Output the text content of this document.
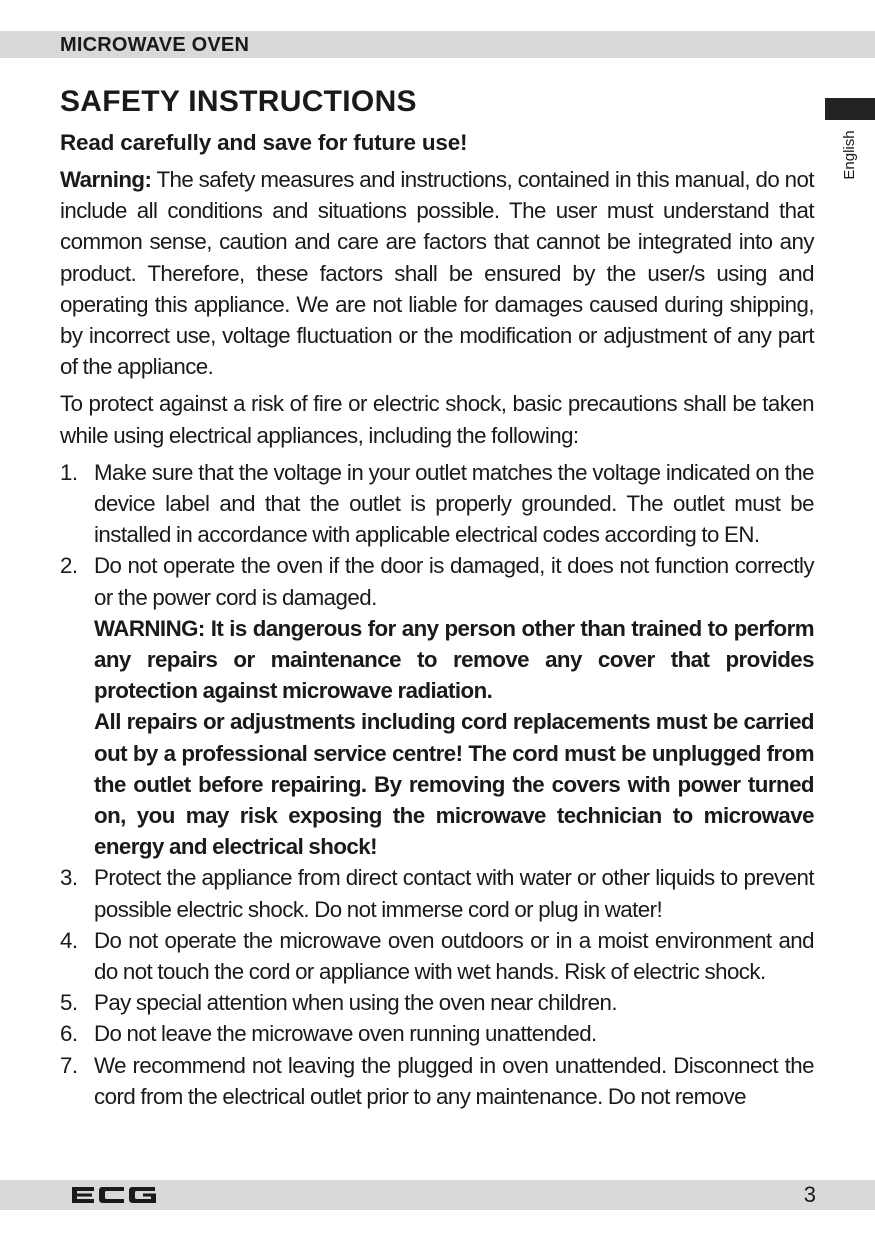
MICROWAVE OVEN
English
SAFETY INSTRUCTIONS
Read carefully and save for future use!

Warning: The safety measures and instructions, contained in this manual, do not include all conditions and situations possible. The user must understand that common sense, caution and care are factors that cannot be integrated into any product. Therefore, these factors shall be ensured by the user/s using and operating this appliance. We are not liable for damages caused during shipping, by incorrect use, voltage fluctuation or the modification or adjustment of any part of the appliance.

To protect against a risk of fire or electric shock, basic precautions shall be taken while using electrical appliances, including the following:

1. Make sure that the voltage in your outlet matches the voltage indicated on the device label and that the outlet is properly grounded. The outlet must be installed in accordance with applicable electrical codes according to EN.
2. Do not operate the oven if the door is damaged, it does not function correctly or the power cord is damaged.
WARNING: It is dangerous for any person other than trained to perform any repairs or maintenance to remove any cover that provides protection against microwave radiation.
All repairs or adjustments including cord replacements must be carried out by a professional service centre! The cord must be unplugged from the outlet before repairing. By removing the covers with power turned on, you may risk exposing the microwave technician to microwave energy and electrical shock!
3. Protect the appliance from direct contact with water or other liquids to prevent possible electric shock. Do not immerse cord or plug in water!
4. Do not operate the microwave oven outdoors or in a moist environment and do not touch the cord or appliance with wet hands. Risk of electric shock.
5. Pay special attention when using the oven near children.
6. Do not leave the microwave oven running unattended.
7. We recommend not leaving the plugged in oven unattended. Disconnect the cord from the electrical outlet prior to any maintenance. Do not remove
3
